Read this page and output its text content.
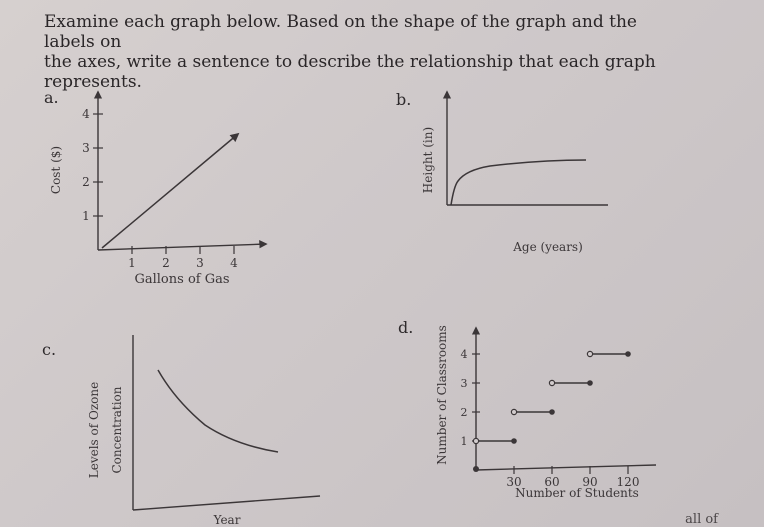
Examine each graph below. Based on the shape of the graph and the labels on
the axes, write a sentence to describe the relationship that each graph represents.
a.	b.
c.
d.
1
2
3
4
1 2 3 4
Cost ($)
Gallons of Gas
Height (in)
Age (years)
Levels of Ozone Concentration
Year
1
2
3
4
30 60 90 120
Number of Classrooms
Number of Students
all of
